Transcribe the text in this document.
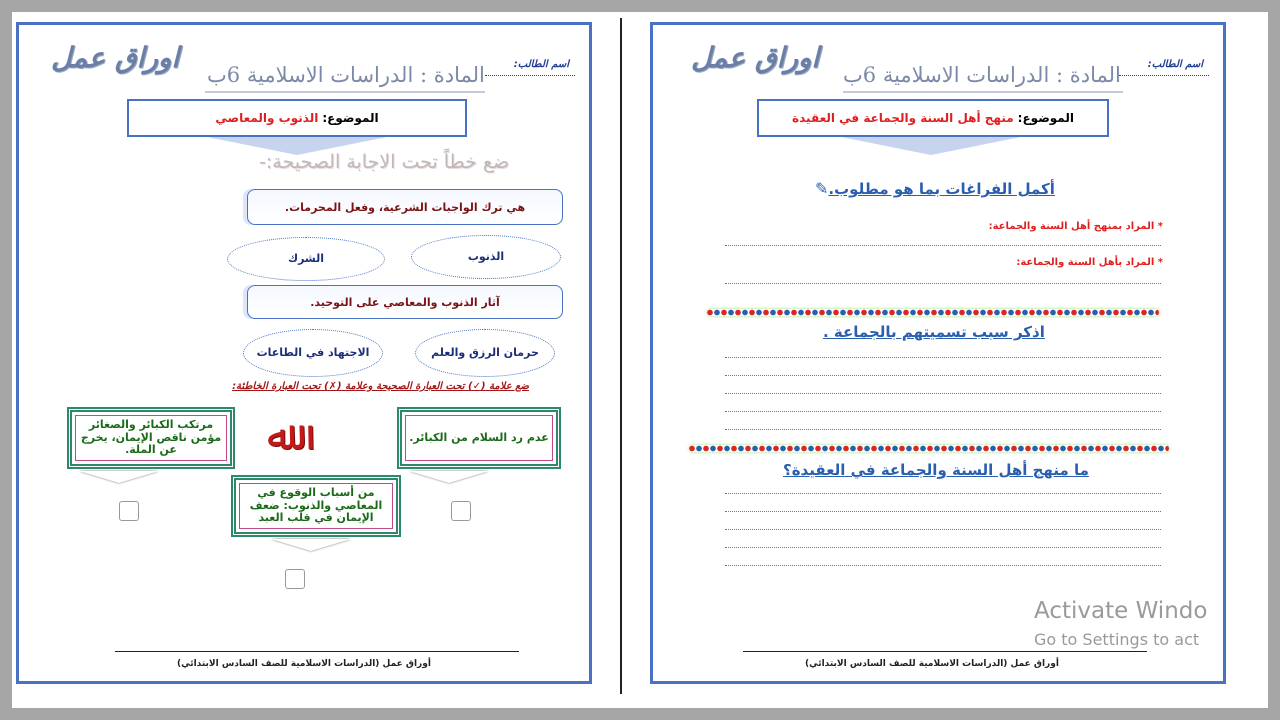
اسم الطالب:
اوراق عمل
المادة : الدراسات الاسلامية 6ب
الموضوع:
الذنوب والمعاصي
ضع خطاً تحت الاجابة الصحيحة:-
هي ترك الواجبات الشرعية، وفعل المحرمات.
الذنوب
الشرك
آثار الذنوب والمعاصي على التوحيد.
حرمان الرزق والعلم
الاجتهاد في الطاعات
ضع علامة (✓) تحت العبارة الصحيحة وعلامة (✗) تحت العبارة الخاطئة:
عدم رد السلام من الكبائر.
مرتكب الكبائر والصغائر مؤمن ناقص الإيمان، يخرج عن الملة.	ﷲ
من أسباب الوقوع في المعاصي والذنوب: ضعف الإيمان في قلب العبد
أوراق عمل (الدراسات الاسلامية للصف السادس الابتدائي)
اسم الطالب:
اوراق عمل
المادة : الدراسات الاسلامية 6ب
الموضوع:
منهج أهل السنة والجماعة في العقيدة
أكمل الفراغات بما هو مطلوب.✎
* المراد بمنهج أهل السنة والجماعة:
* المراد بأهل السنة والجماعة:
اذكر سبب تسميتهم بالجماعة .
ما منهج أهل السنة والجماعة في العقيدة؟
أوراق عمل (الدراسات الاسلامية للصف السادس الابتدائي)
Activate Windo
Go to Settings to act
